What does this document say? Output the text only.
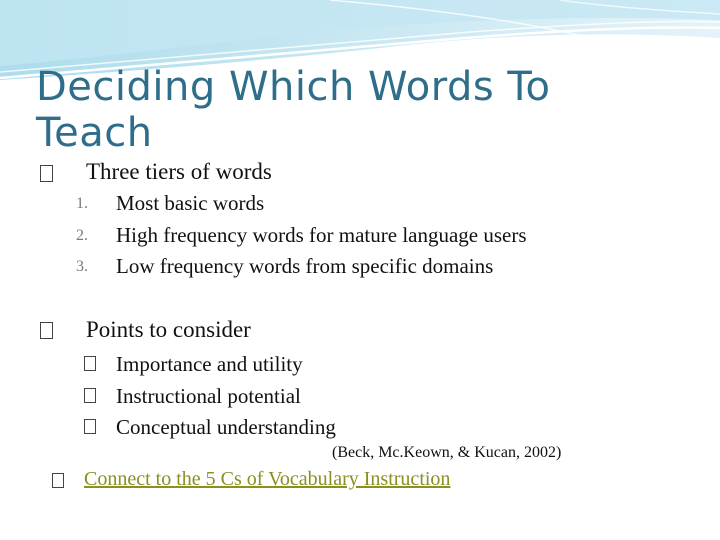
Deciding Which Words To Teach
Three tiers of words
1. Most basic words
2. High frequency words for mature language users
3. Low frequency words from specific domains
Points to consider
Importance and utility
Instructional potential
Conceptual understanding
(Beck, Mc.Keown, & Kucan, 2002)
Connect to the 5 Cs of Vocabulary Instruction
